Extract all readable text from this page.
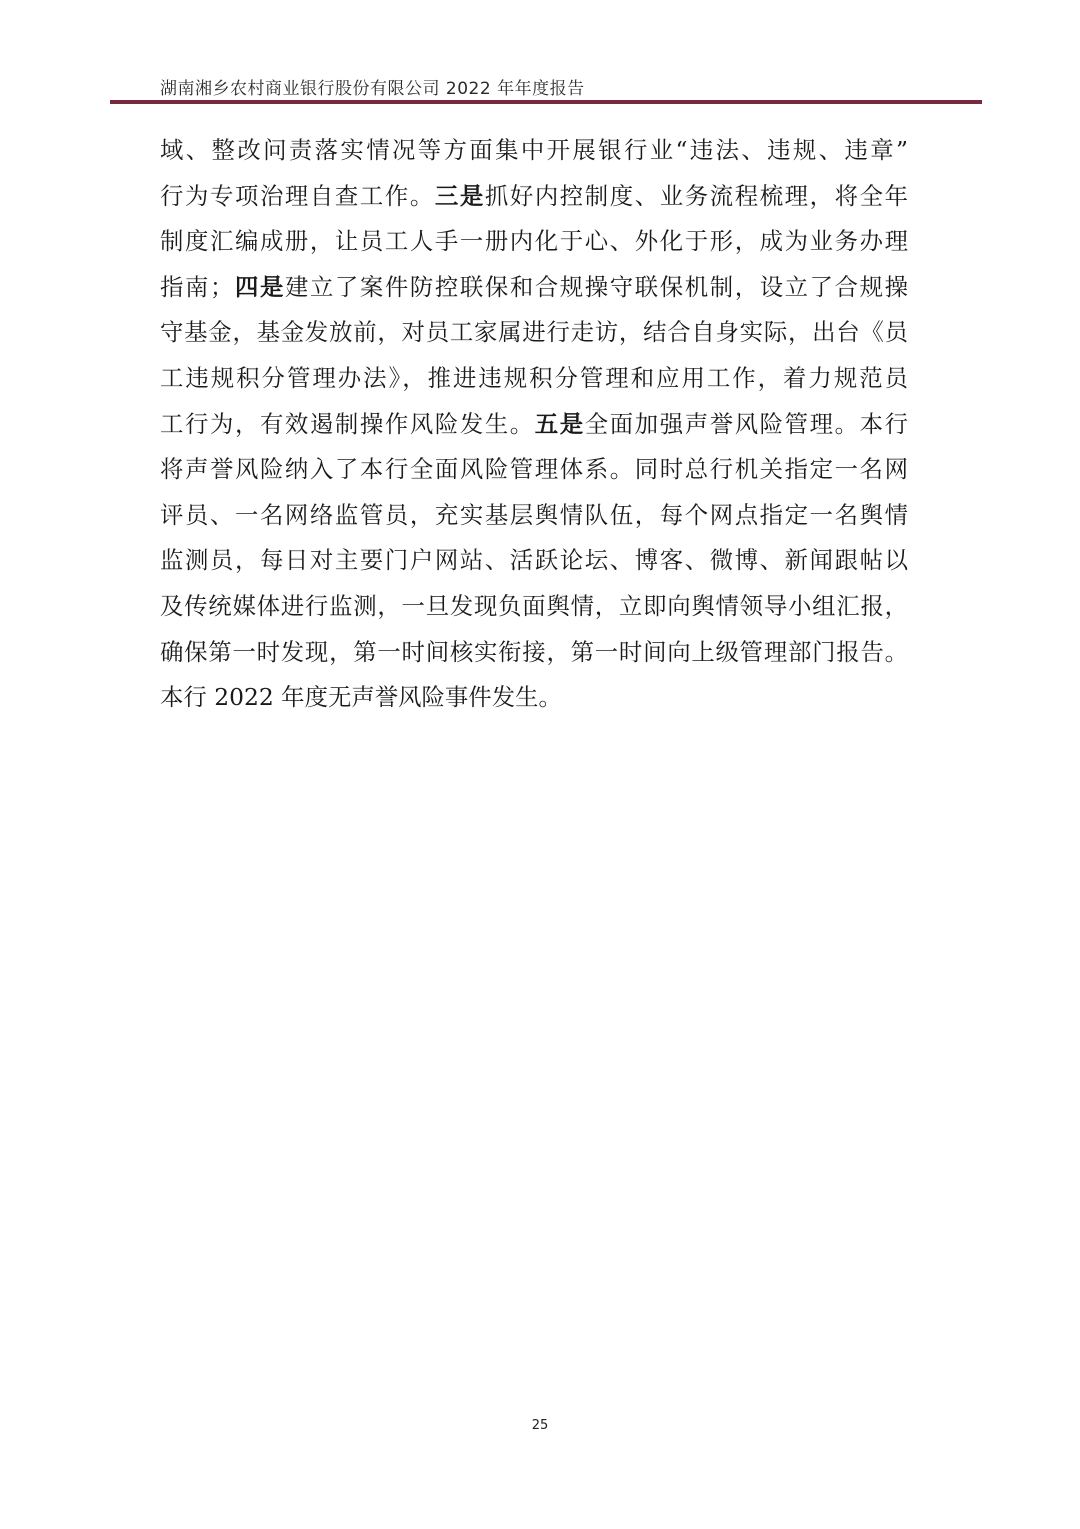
湖南湘乡农村商业银行股份有限公司 2022 年年度报告
域、整改问责落实情况等方面集中开展银行业“违法、违规、违章”
行为专项治理自查工作。三是抓好内控制度、业务流程梳理，将全年
制度汇编成册，让员工人手一册内化于心、外化于形，成为业务办理
指南；四是建立了案件防控联保和合规操守联保机制，设立了合规操
守基金，基金发放前，对员工家属进行走访，结合自身实际，出台《员
工违规积分管理办法》，推进违规积分管理和应用工作，着力规范员
工行为，有效遏制操作风险发生。五是全面加强声誉风险管理。本行
将声誉风险纳入了本行全面风险管理体系。同时总行机关指定一名网
评员、一名网络监管员，充实基层舆情队伍，每个网点指定一名舆情
监测员，每日对主要门户网站、活跃论坛、博客、微博、新闻跟帖以
及传统媒体进行监测，一旦发现负面舆情，立即向舆情领导小组汇报，
确保第一时发现，第一时间核实衔接，第一时间向上级管理部门报告。
本行 2022 年度无声誉风险事件发生。
25
